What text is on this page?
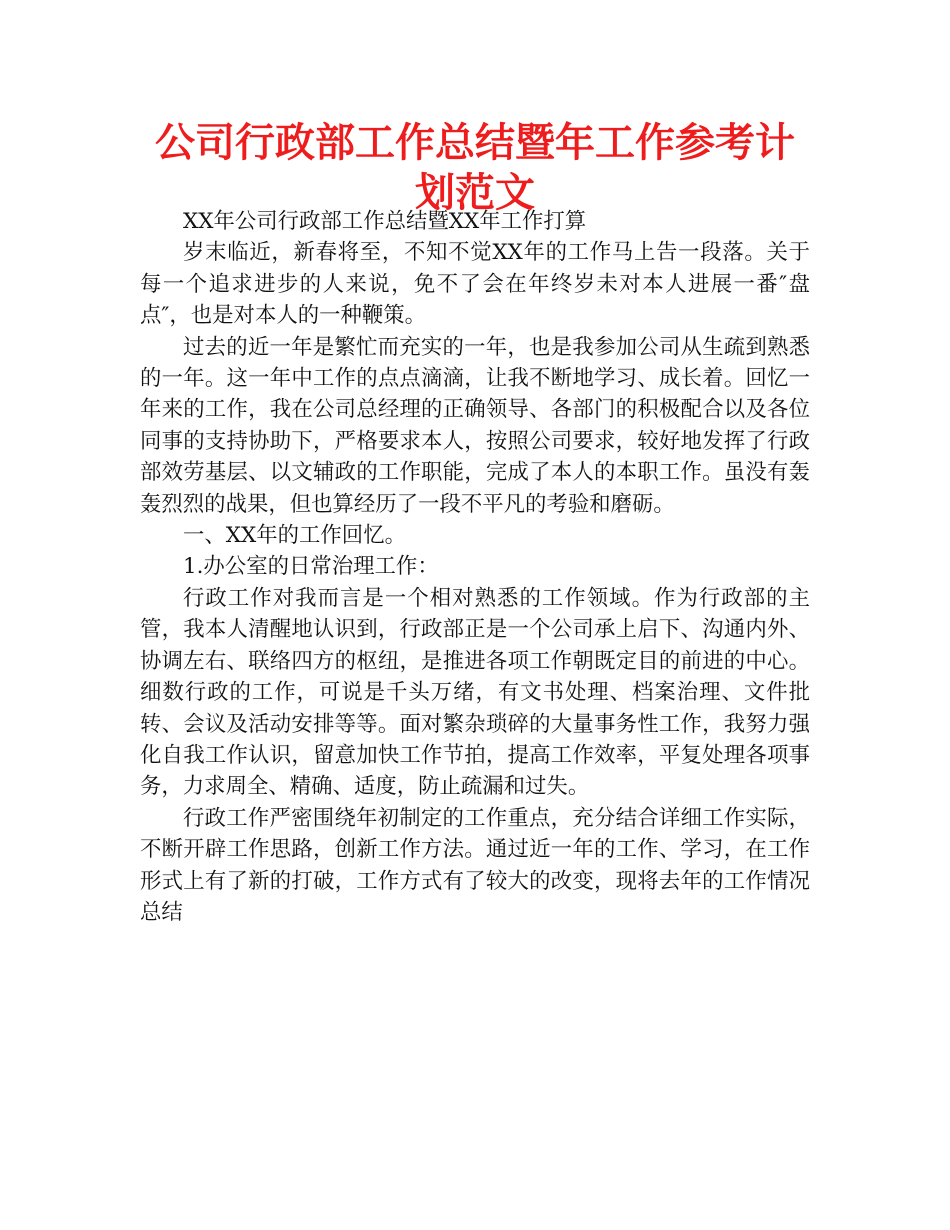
公司行政部工作总结暨年工作参考计划范文

XX年公司行政部工作总结暨XX年工作打算

岁末临近，新春将至，不知不觉XX年的工作马上告一段落。关于每一个追求进步的人来说，免不了会在年终岁未对本人进展一番″盘点″，也是对本人的一种鞭策。

过去的近一年是繁忙而充实的一年，也是我参加公司从生疏到熟悉的一年。这一年中工作的点点滴滴，让我不断地学习、成长着。回忆一年来的工作，我在公司总经理的正确领导、各部门的积极配合以及各位同事的支持协助下，严格要求本人，按照公司要求，较好地发挥了行政部效劳基层、以文辅政的工作职能，完成了本人的本职工作。虽没有轰轰烈烈的战果，但也算经历了一段不平凡的考验和磨砺。

一、XX年的工作回忆。

1.办公室的日常治理工作：

行政工作对我而言是一个相对熟悉的工作领域。作为行政部的主管，我本人清醒地认识到，行政部正是一个公司承上启下、沟通内外、协调左右、联络四方的枢纽，是推进各项工作朝既定目的前进的中心。细数行政的工作，可说是千头万绪，有文书处理、档案治理、文件批转、会议及活动安排等等。面对繁杂琐碎的大量事务性工作，我努力强化自我工作认识，留意加快工作节拍，提高工作效率，平复处理各项事务，力求周全、精确、适度，防止疏漏和过失。

行政工作严密围绕年初制定的工作重点，充分结合详细工作实际，不断开辟工作思路，创新工作方法。通过近一年的工作、学习，在工作形式上有了新的打破，工作方式有了较大的改变，现将去年的工作情况总结
